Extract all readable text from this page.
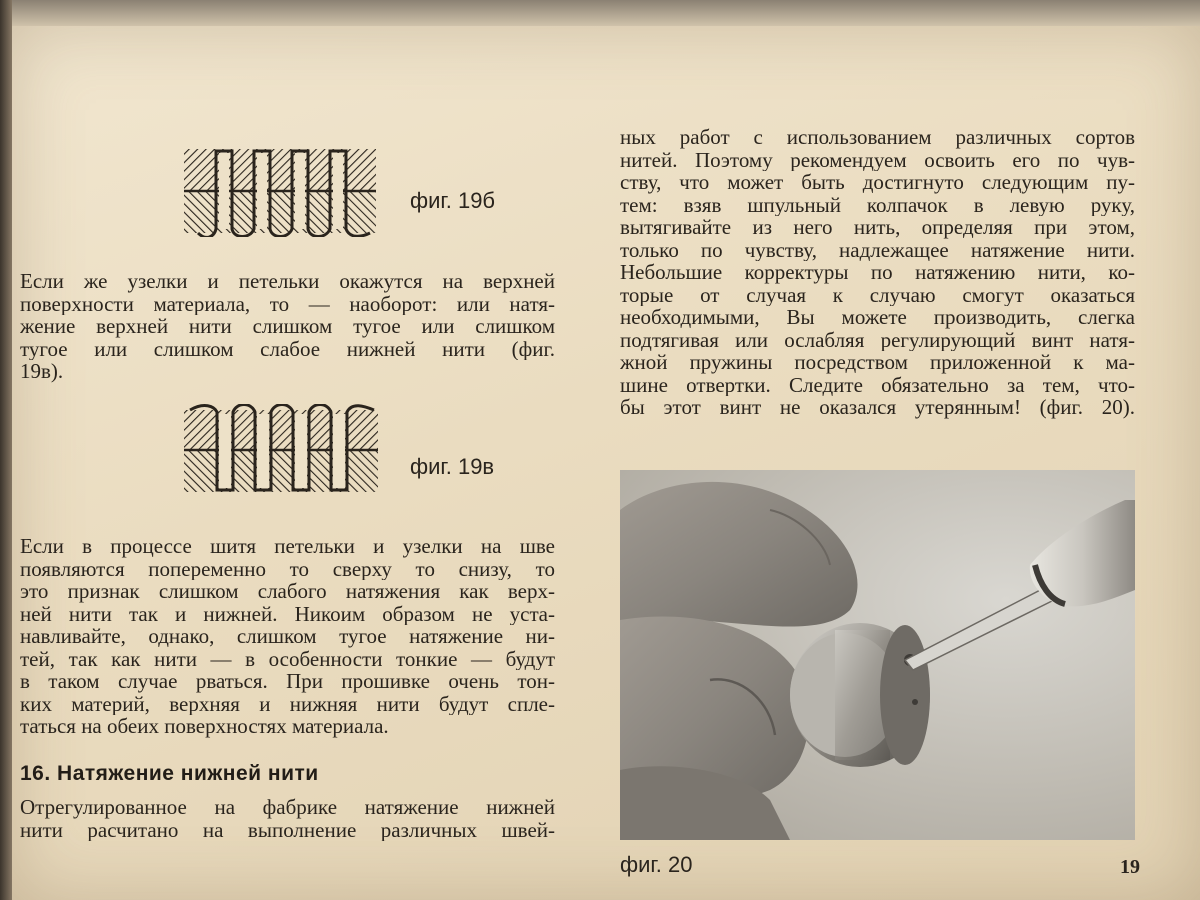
фиг. 19б
Если же узелки и петельки окажутся на верхней
поверхности материала, то — наоборот: или натя-
жение верхней нити слишком тугое или слишком
тугое или слишком слабое нижней нити (фиг.
19в).
фиг. 19в
Если в процессе шитя петельки и узелки на шве
появляются попеременно то сверху то снизу, то
это признак слишком слабого натяжения как верх-
ней нити так и нижней. Никоим образом не устa-
навливайте, однако, слишком тугое натяжение ни-
тей, так как нити — в особенности тонкие — будут
в таком случае рваться. При прошивке очень тон-
ких материй, верхняя и нижняя нити будут спле-
таться на обеих поверхностях материала.
16. Натяжение нижней нити
Отрегулированное на фабрике натяжение нижней
нити расчитано на выполнение различных швей-
ных работ с использованием различных сортов
нитей. Поэтому рекомендуем освоить его по чув-
ству, что может быть достигнуто следующим пу-
тем: взяв шпульный колпачок в левую руку,
вытягивайте из него нить, определяя при этом,
только по чувству, надлежащее натяжение нити.
Небольшие корректуры по натяжению нити, ко-
торые от случая к случаю смогут оказаться
необходимыми, Вы можете производить, слегка
подтягивая или ослабляя регулирующий винт натя-
жной пружины посредством приложенной к ма-
шине отвертки. Следите обязательно за тем, что-
бы этот винт не оказался утерянным! (фиг. 20).
фиг. 20	19
